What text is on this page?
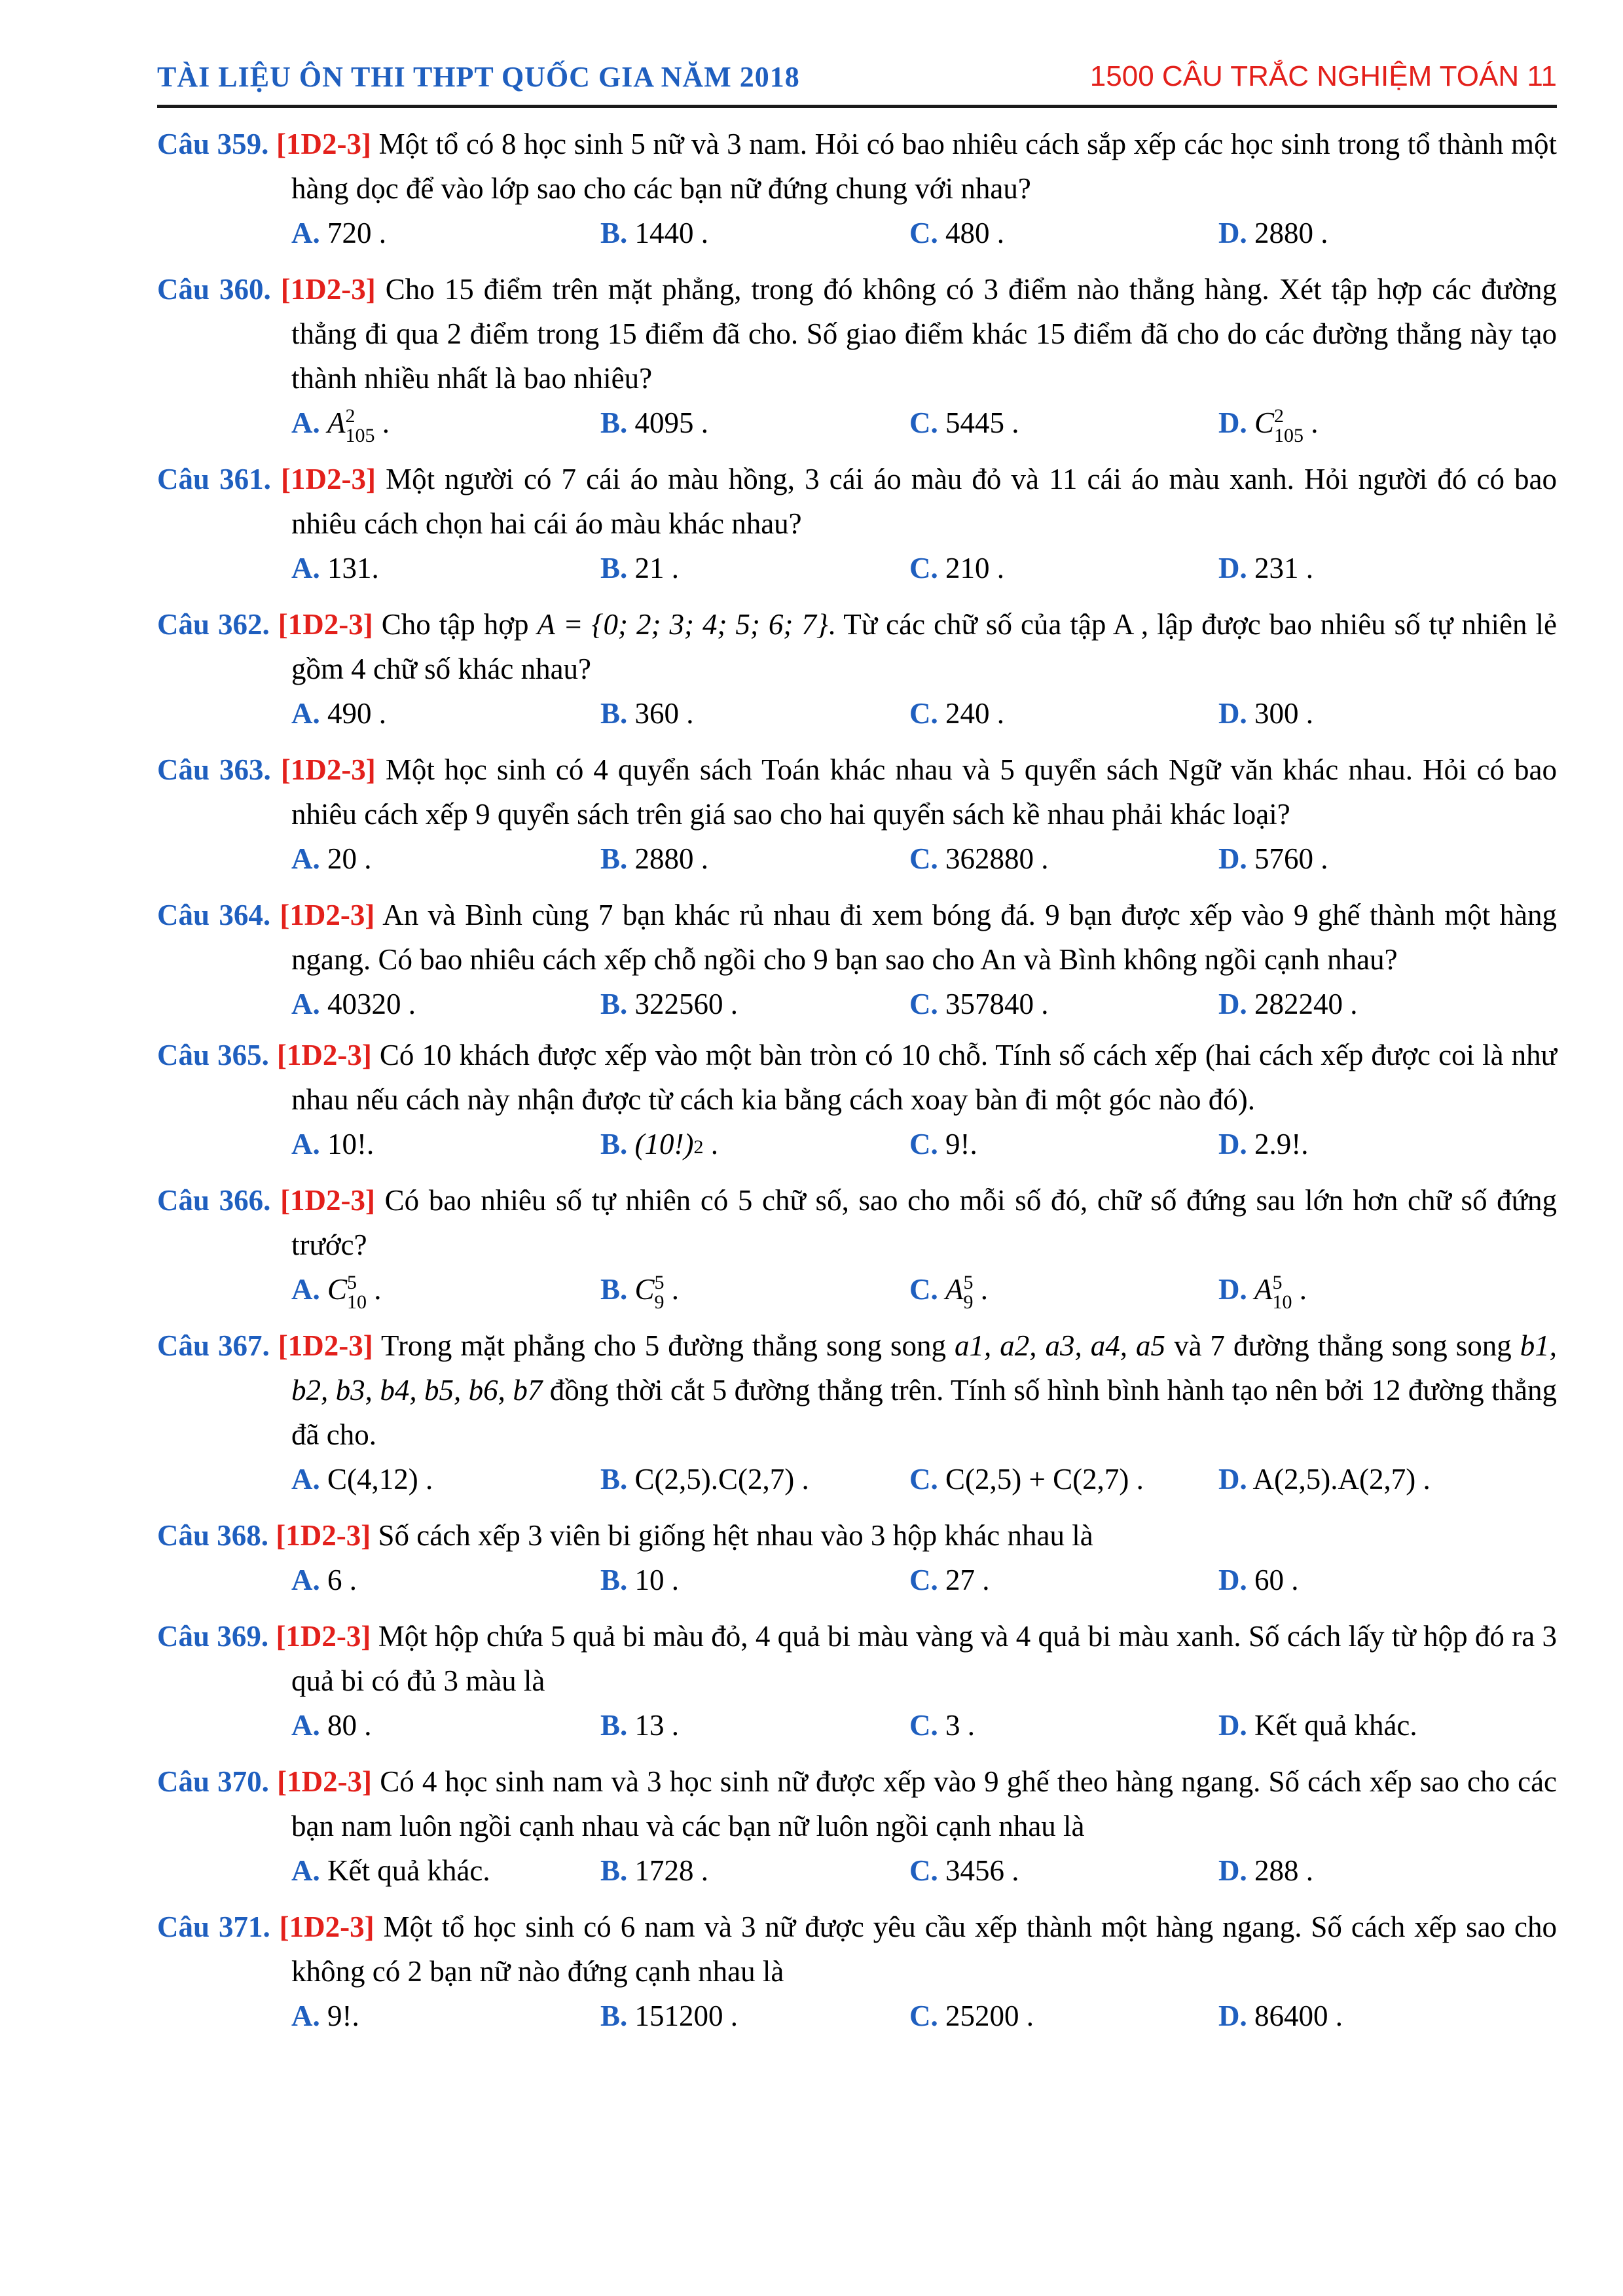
TÀI LIỆU ÔN THI THPT QUỐC GIA NĂM 2018	1500 CÂU TRẮC NGHIỆM TOÁN 11
Câu 359. [1D2-3] Một tổ có 8 học sinh 5 nữ và 3 nam. Hỏi có bao nhiêu cách sắp xếp các học sinh trong tổ thành một hàng dọc để vào lớp sao cho các bạn nữ đứng chung với nhau?
A. 720 .	B. 1440 .	C. 480 .	D. 2880 .
Câu 360. [1D2-3] Cho 15 điểm trên mặt phẳng, trong đó không có 3 điểm nào thẳng hàng. Xét tập hợp các đường thẳng đi qua 2 điểm trong 15 điểm đã cho. Số giao điểm khác 15 điểm đã cho do các đường thẳng này tạo thành nhiều nhất là bao nhiêu?
A. A 2
105 .	B. 4095 .	C. 5445 .	D. C 2
105 .
Câu 361. [1D2-3] Một người có 7 cái áo màu hồng, 3 cái áo màu đỏ và 11 cái áo màu xanh. Hỏi người đó có bao nhiêu cách chọn hai cái áo màu khác nhau?
A. 131.	B. 21 .	C. 210 .	D. 231 .
Câu 362. [1D2-3] Cho tập hợp A = {0; 2; 3; 4; 5; 6; 7}. Từ các chữ số của tập A , lập được bao nhiêu số tự nhiên lẻ gồm 4 chữ số khác nhau?
A. 490 .	B. 360 .	C. 240 .	D. 300 .
Câu 363. [1D2-3] Một học sinh có 4 quyển sách Toán khác nhau và 5 quyển sách Ngữ văn khác nhau. Hỏi có bao nhiêu cách xếp 9 quyển sách trên giá sao cho hai quyển sách kề nhau phải khác loại?
A. 20 .	B. 2880 .	C. 362880 .	D. 5760 .
Câu 364. [1D2-3] An và Bình cùng 7 bạn khác rủ nhau đi xem bóng đá. 9 bạn được xếp vào 9 ghế thành một hàng ngang. Có bao nhiêu cách xếp chỗ ngồi cho 9 bạn sao cho An và Bình không ngồi cạnh nhau?
A. 40320 .	B. 322560 .	C. 357840 .	D. 282240 .
Câu 365. [1D2-3] Có 10 khách được xếp vào một bàn tròn có 10 chỗ. Tính số cách xếp (hai cách xếp được coi là như nhau nếu cách này nhận được từ cách kia bằng cách xoay bàn đi một góc nào đó).
A. 10!.	B. (10!) 2 .	C. 9!.	D. 2.9!.
Câu 366. [1D2-3] Có bao nhiêu số tự nhiên có 5 chữ số, sao cho mỗi số đó, chữ số đứng sau lớn hơn chữ số đứng trước?
A. C 5
10 .	B. C 5
9 .	C. A 5
9 .	D. A 5
10 .
Câu 367. [1D2-3] Trong mặt phẳng cho 5 đường thẳng song song a1, a2, a3, a4, a5 và 7 đường thẳng song song b1, b2, b3, b4, b5, b6, b7 đồng thời cắt 5 đường thẳng trên. Tính số hình bình hành tạo nên bởi 12 đường thẳng đã cho.
A. C(4,12) .	B. C(2,5).C(2,7) .	C. C(2,5) + C(2,7) .	D. A(2,5).A(2,7) .
Câu 368. [1D2-3] Số cách xếp 3 viên bi giống hệt nhau vào 3 hộp khác nhau là
A. 6 .	B. 10 .	C. 27 .	D. 60 .
Câu 369. [1D2-3] Một hộp chứa 5 quả bi màu đỏ, 4 quả bi màu vàng và 4 quả bi màu xanh. Số cách lấy từ hộp đó ra 3 quả bi có đủ 3 màu là
A. 80 .	B. 13 .	C. 3 .	D. Kết quả khác.
Câu 370. [1D2-3] Có 4 học sinh nam và 3 học sinh nữ được xếp vào 9 ghế theo hàng ngang. Số cách xếp sao cho các bạn nam luôn ngồi cạnh nhau và các bạn nữ luôn ngồi cạnh nhau là
A. Kết quả khác.	B. 1728 .	C. 3456 .	D. 288 .
Câu 371. [1D2-3] Một tổ học sinh có 6 nam và 3 nữ được yêu cầu xếp thành một hàng ngang. Số cách xếp sao cho không có 2 bạn nữ nào đứng cạnh nhau là
A. 9!.	B. 151200 .	C. 25200 .	D. 86400 .
